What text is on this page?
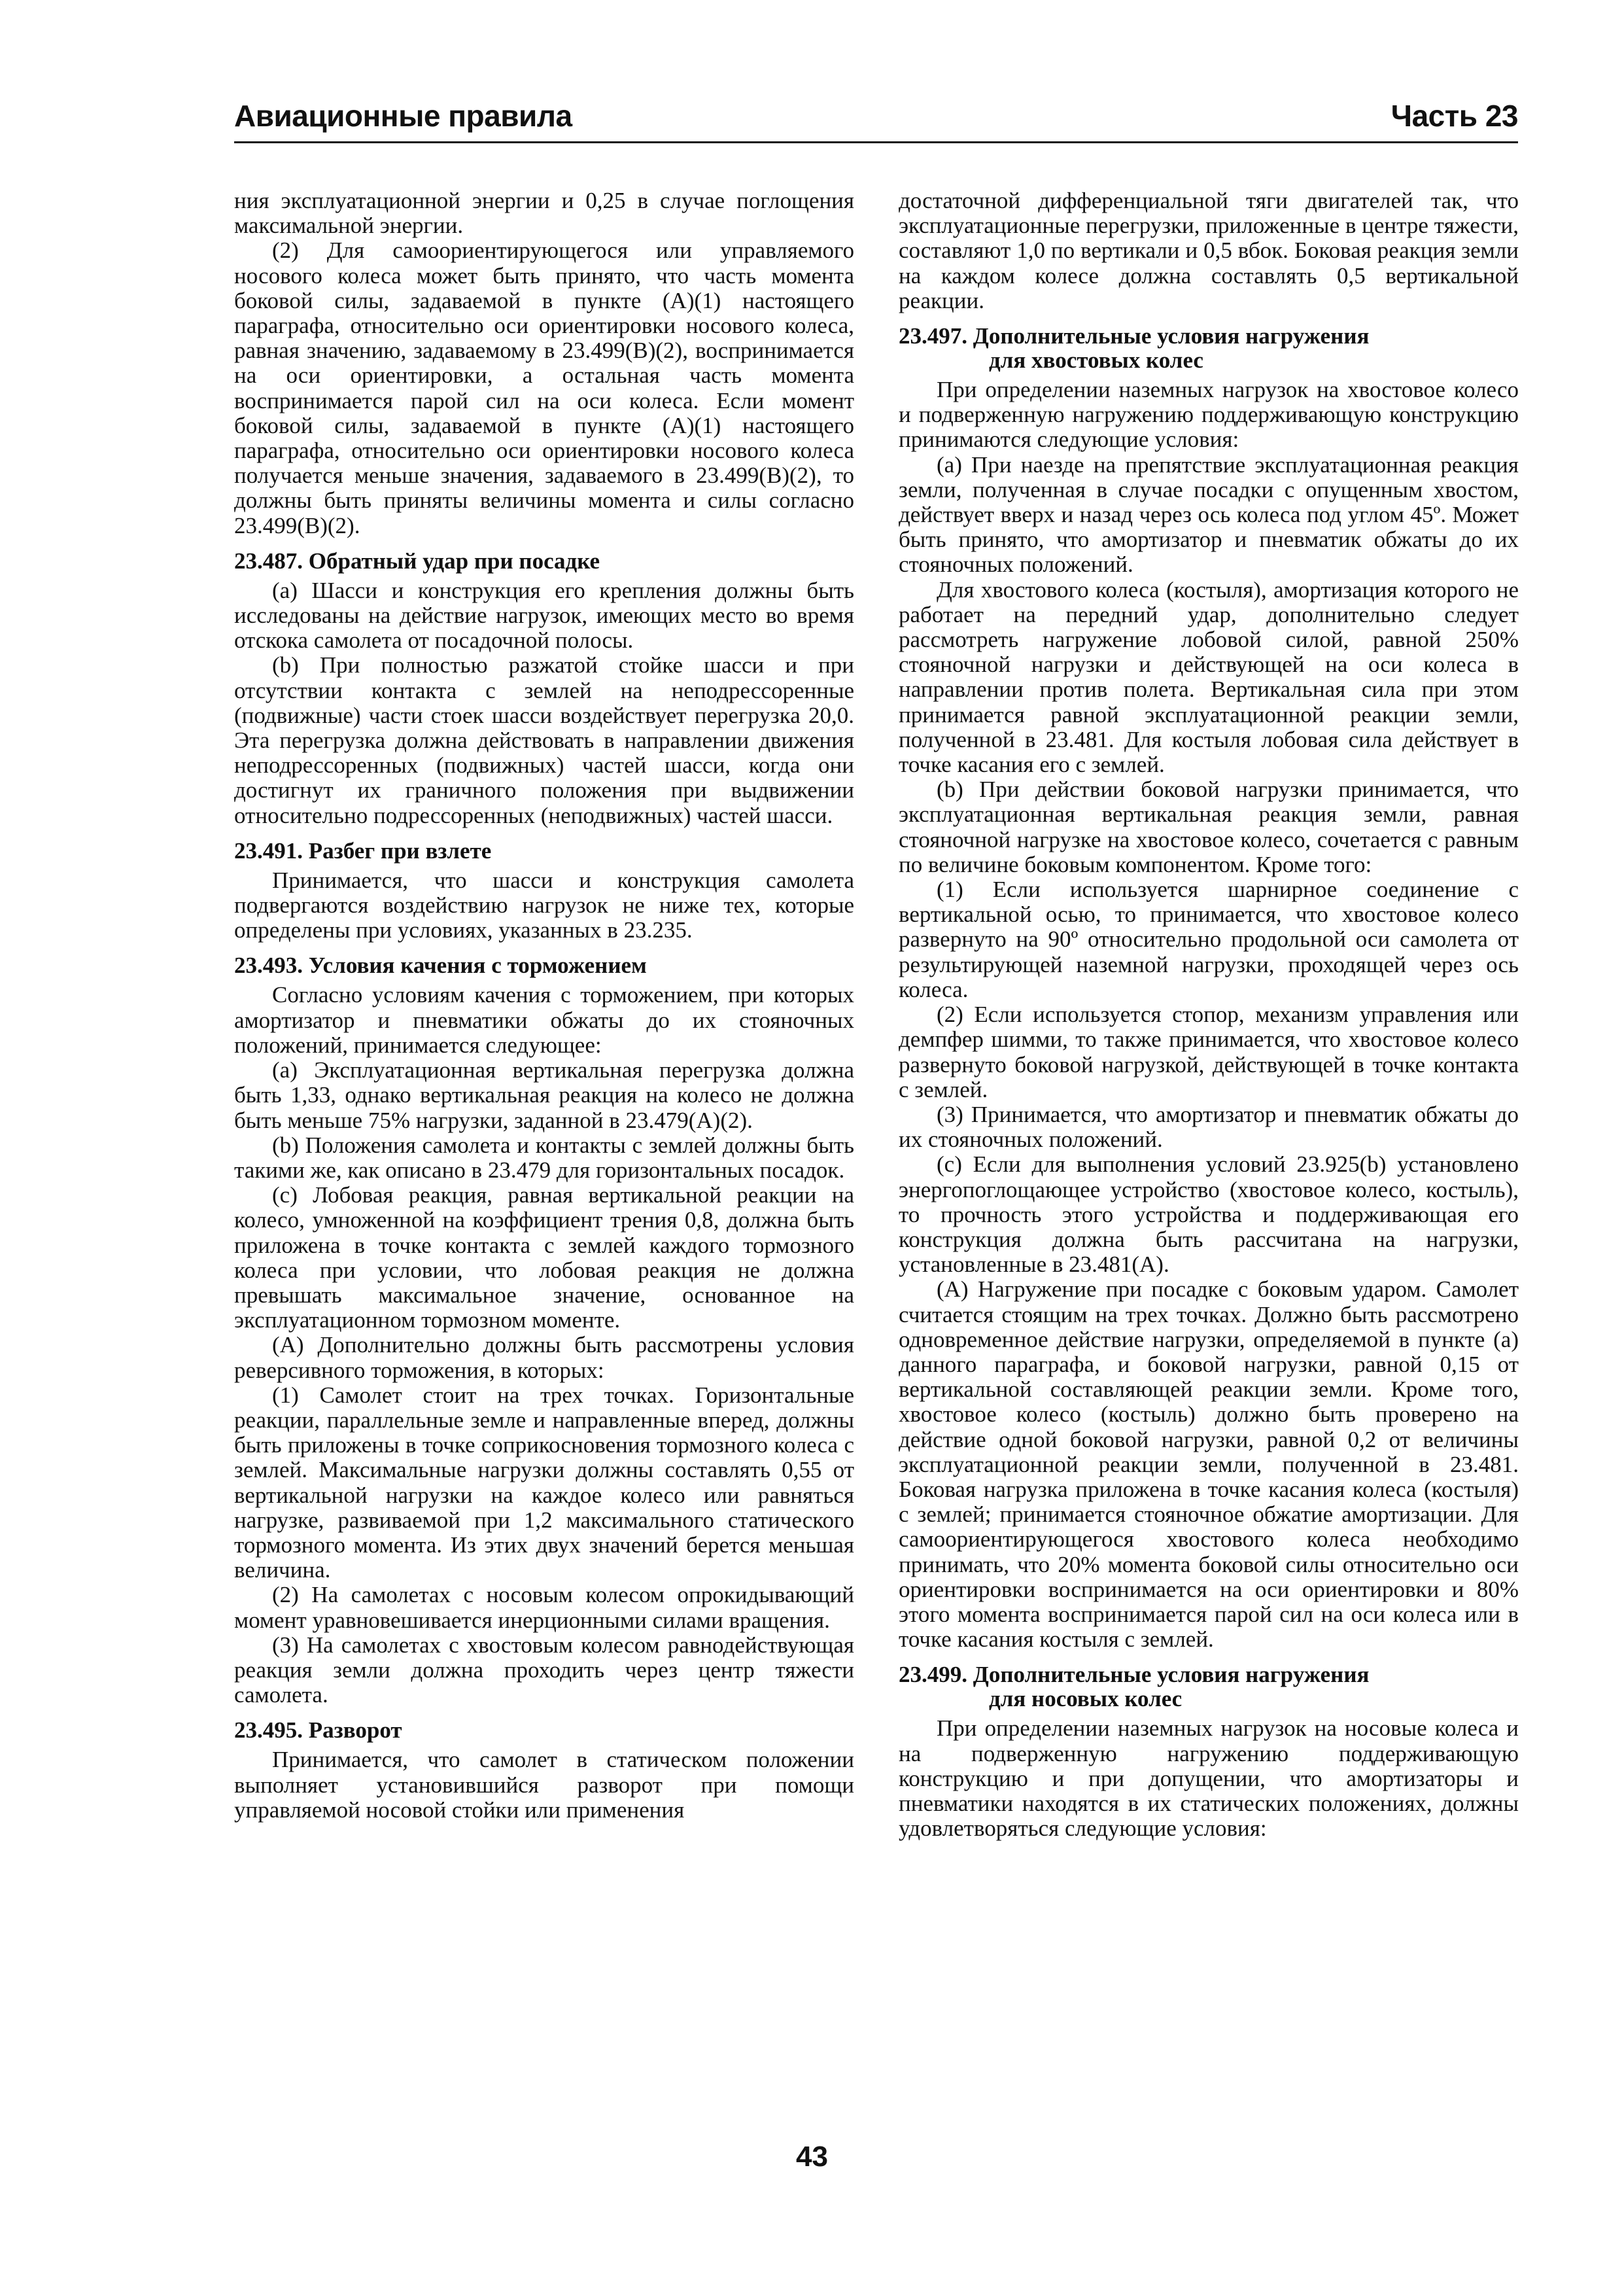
Авиационные правила	Часть 23

ния эксплуатационной энергии и 0,25 в случае поглощения максимальной энергии.

(2) Для самоориентирующегося или управляемого носового колеса может быть принято, что часть момента боковой силы, задаваемой в пункте (А)(1) настоящего параграфа, относительно оси ориентировки носового колеса, равная значению, задаваемому в 23.499(B)(2), воспринимается на оси ориентировки, а остальная часть момента воспринимается парой сил на оси колеса. Если момент боковой силы, задаваемой в пункте (А)(1) настоящего параграфа, относительно оси ориентировки носового колеса получается меньше значения, задаваемого в 23.499(B)(2), то должны быть приняты величины момента и силы согласно 23.499(B)(2).

23.487. Обратный удар при посадке

(а) Шасси и конструкция его крепления должны быть исследованы на действие нагрузок, имеющих место во время отскока самолета от посадочной полосы.

(b) При полностью разжатой стойке шасси и при отсутствии контакта с землей на неподрессоренные (подвижные) части стоек шасси воздействует перегрузка 20,0. Эта перегрузка должна действовать в направлении движения неподрессоренных (подвижных) частей шасси, когда они достигнут их граничного положения при выдвижении относительно подрессоренных (неподвижных) частей шасси.

23.491. Разбег при взлете

Принимается, что шасси и конструкция самолета подвергаются воздействию нагрузок не ниже тех, которые определены при условиях, указанных в 23.235.

23.493. Условия качения с торможением

Согласно условиям качения с торможением, при которых амортизатор и пневматики обжаты до их стояночных положений, принимается следующее:

(а) Эксплуатационная вертикальная перегрузка должна быть 1,33, однако вертикальная реакция на колесо не должна быть меньше 75% нагрузки, заданной в 23.479(A)(2).

(b) Положения самолета и контакты с землей должны быть такими же, как описано в 23.479 для горизонтальных посадок.

(с) Лобовая реакция, равная вертикальной реакции на колесо, умноженной на коэффициент трения 0,8, должна быть приложена в точке контакта с землей каждого тормозного колеса при условии, что лобовая реакция не должна превышать максимальное значение, основанное на эксплуатационном тормозном моменте.

(А) Дополнительно должны быть рассмотрены условия реверсивного торможения, в которых:

(1) Самолет стоит на трех точках. Горизонтальные реакции, параллельные земле и направленные вперед, должны быть приложены в точке соприкосновения тормозного колеса с землей. Максимальные нагрузки должны составлять 0,55 от вертикальной нагрузки на каждое колесо или равняться нагрузке, развиваемой при 1,2 максимального статического тормозного момента. Из этих двух значений берется меньшая величина.

(2) На самолетах с носовым колесом опрокидывающий момент уравновешивается инерционными силами вращения.

(3) На самолетах с хвостовым колесом равнодействующая реакция земли должна проходить через центр тяжести самолета.

23.495. Разворот

Принимается, что самолет в статическом положении выполняет установившийся разворот при помощи управляемой носовой стойки или применения

достаточной дифференциальной тяги двигателей так, что эксплуатационные перегрузки, приложенные в центре тяжести, составляют 1,0 по вертикали и 0,5 вбок. Боковая реакция земли на каждом колесе должна составлять 0,5 вертикальной реакции.

23.497. Дополнительные условия нагружения
для хвостовых колес

При определении наземных нагрузок на хвостовое колесо и подверженную нагружению поддерживающую конструкцию принимаются следующие условия:

(а) При наезде на препятствие эксплуатационная реакция земли, полученная в случае посадки с опущенным хвостом, действует вверх и назад через ось колеса под углом 45º. Может быть принято, что амортизатор и пневматик обжаты до их стояночных положений.

Для хвостового колеса (костыля), амортизация которого не работает на передний удар, дополнительно следует рассмотреть нагружение лобовой силой, равной 250% стояночной нагрузки и действующей на оси колеса в направлении против полета. Вертикальная сила при этом принимается равной эксплуатационной реакции земли, полученной в 23.481. Для костыля лобовая сила действует в точке касания его с землей.

(b) При действии боковой нагрузки принимается, что эксплуатационная вертикальная реакция земли, равная стояночной нагрузке на хвостовое колесо, сочетается с равным по величине боковым компонентом. Кроме того:

(1) Если используется шарнирное соединение с вертикальной осью, то принимается, что хвостовое колесо развернуто на 90º относительно продольной оси самолета от результирующей наземной нагрузки, проходящей через ось колеса.

(2) Если используется стопор, механизм управления или демпфер шимми, то также принимается, что хвостовое колесо развернуто боковой нагрузкой, действующей в точке контакта с землей.

(3) Принимается, что амортизатор и пневматик обжаты до их стояночных положений.

(с) Если для выполнения условий 23.925(b) установлено энергопоглощающее устройство (хвостовое колесо, костыль), то прочность этого устройства и поддерживающая его конструкция должна быть рассчитана на нагрузки, установленные в 23.481(А).

(А) Нагружение при посадке с боковым ударом. Самолет считается стоящим на трех точках. Должно быть рассмотрено одновременное действие нагрузки, определяемой в пункте (а) данного параграфа, и боковой нагрузки, равной 0,15 от вертикальной составляющей реакции земли. Кроме того, хвостовое колесо (костыль) должно быть проверено на действие одной боковой нагрузки, равной 0,2 от величины эксплуатационной реакции земли, полученной в 23.481. Боковая нагрузка приложена в точке касания колеса (костыля) с землей; принимается стояночное обжатие амортизации. Для самоориентирующегося хвостового колеса необходимо принимать, что 20% момента боковой силы относительно оси ориентировки воспринимается на оси ориентировки и 80% этого момента воспринимается парой сил на оси колеса или в точке касания костыля с землей.

23.499. Дополнительные условия нагружения
для носовых колес

При определении наземных нагрузок на носовые колеса и на подверженную нагружению поддерживающую конструкцию и при допущении, что амортизаторы и пневматики находятся в их статических положениях, должны удовлетворяться следующие условия:

43
